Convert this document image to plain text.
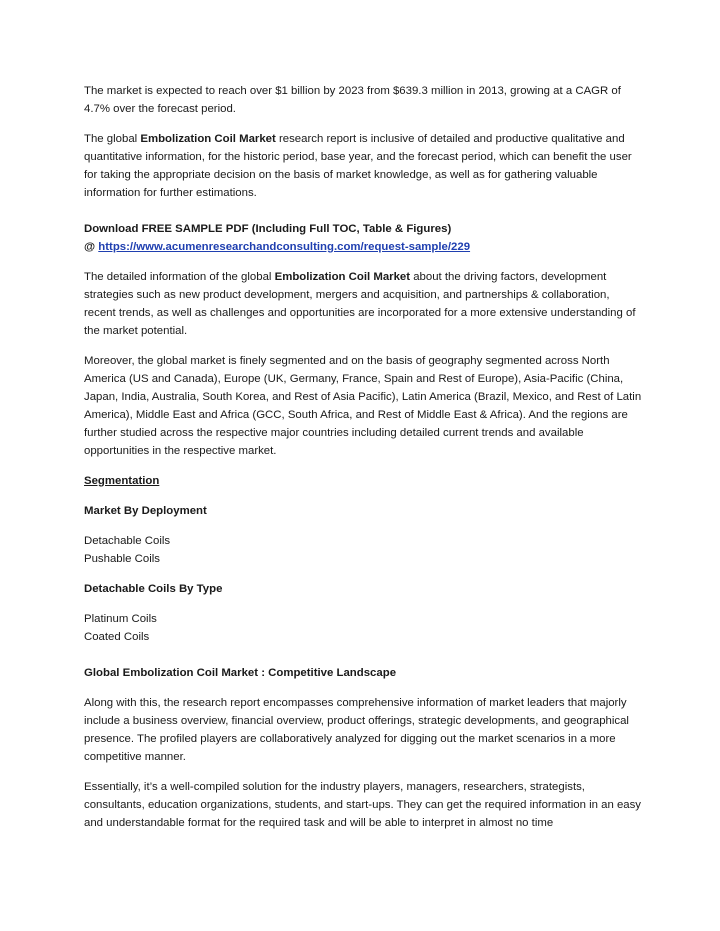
The market is expected to reach over $1 billion by 2023 from $639.3 million in 2013, growing at a CAGR of 4.7% over the forecast period.

The global Embolization Coil Market research report is inclusive of detailed and productive qualitative and quantitative information, for the historic period, base year, and the forecast period, which can benefit the user for taking the appropriate decision on the basis of market knowledge, as well as for gathering valuable information for further estimations.

Download FREE SAMPLE PDF (Including Full TOC, Table & Figures)

@ https://www.acumenresearchandconsulting.com/request-sample/229

The detailed information of the global Embolization Coil Market about the driving factors, development strategies such as new product development, mergers and acquisition, and partnerships & collaboration, recent trends, as well as challenges and opportunities are incorporated for a more extensive understanding of the market potential.

Moreover, the global market is finely segmented and on the basis of geography segmented across North America (US and Canada), Europe (UK, Germany, France, Spain and Rest of Europe), Asia-Pacific (China, Japan, India, Australia, South Korea, and Rest of Asia Pacific), Latin America (Brazil, Mexico, and Rest of Latin America), Middle East and Africa (GCC, South Africa, and Rest of Middle East & Africa). And the regions are further studied across the respective major countries including detailed current trends and available opportunities in the respective market.

Segmentation
Market By Deployment
Detachable Coils
Pushable Coils
Detachable Coils By Type
Platinum Coils
Coated Coils
Global Embolization Coil Market : Competitive Landscape

Along with this, the research report encompasses comprehensive information of market leaders that majorly include a business overview, financial overview, product offerings, strategic developments, and geographical presence. The profiled players are collaboratively analyzed for digging out the market scenarios in a more competitive manner.

Essentially, it’s a well-compiled solution for the industry players, managers, researchers, strategists, consultants, education organizations, students, and start-ups. They can get the required information in an easy and understandable format for the required task and will be able to interpret in almost no time
